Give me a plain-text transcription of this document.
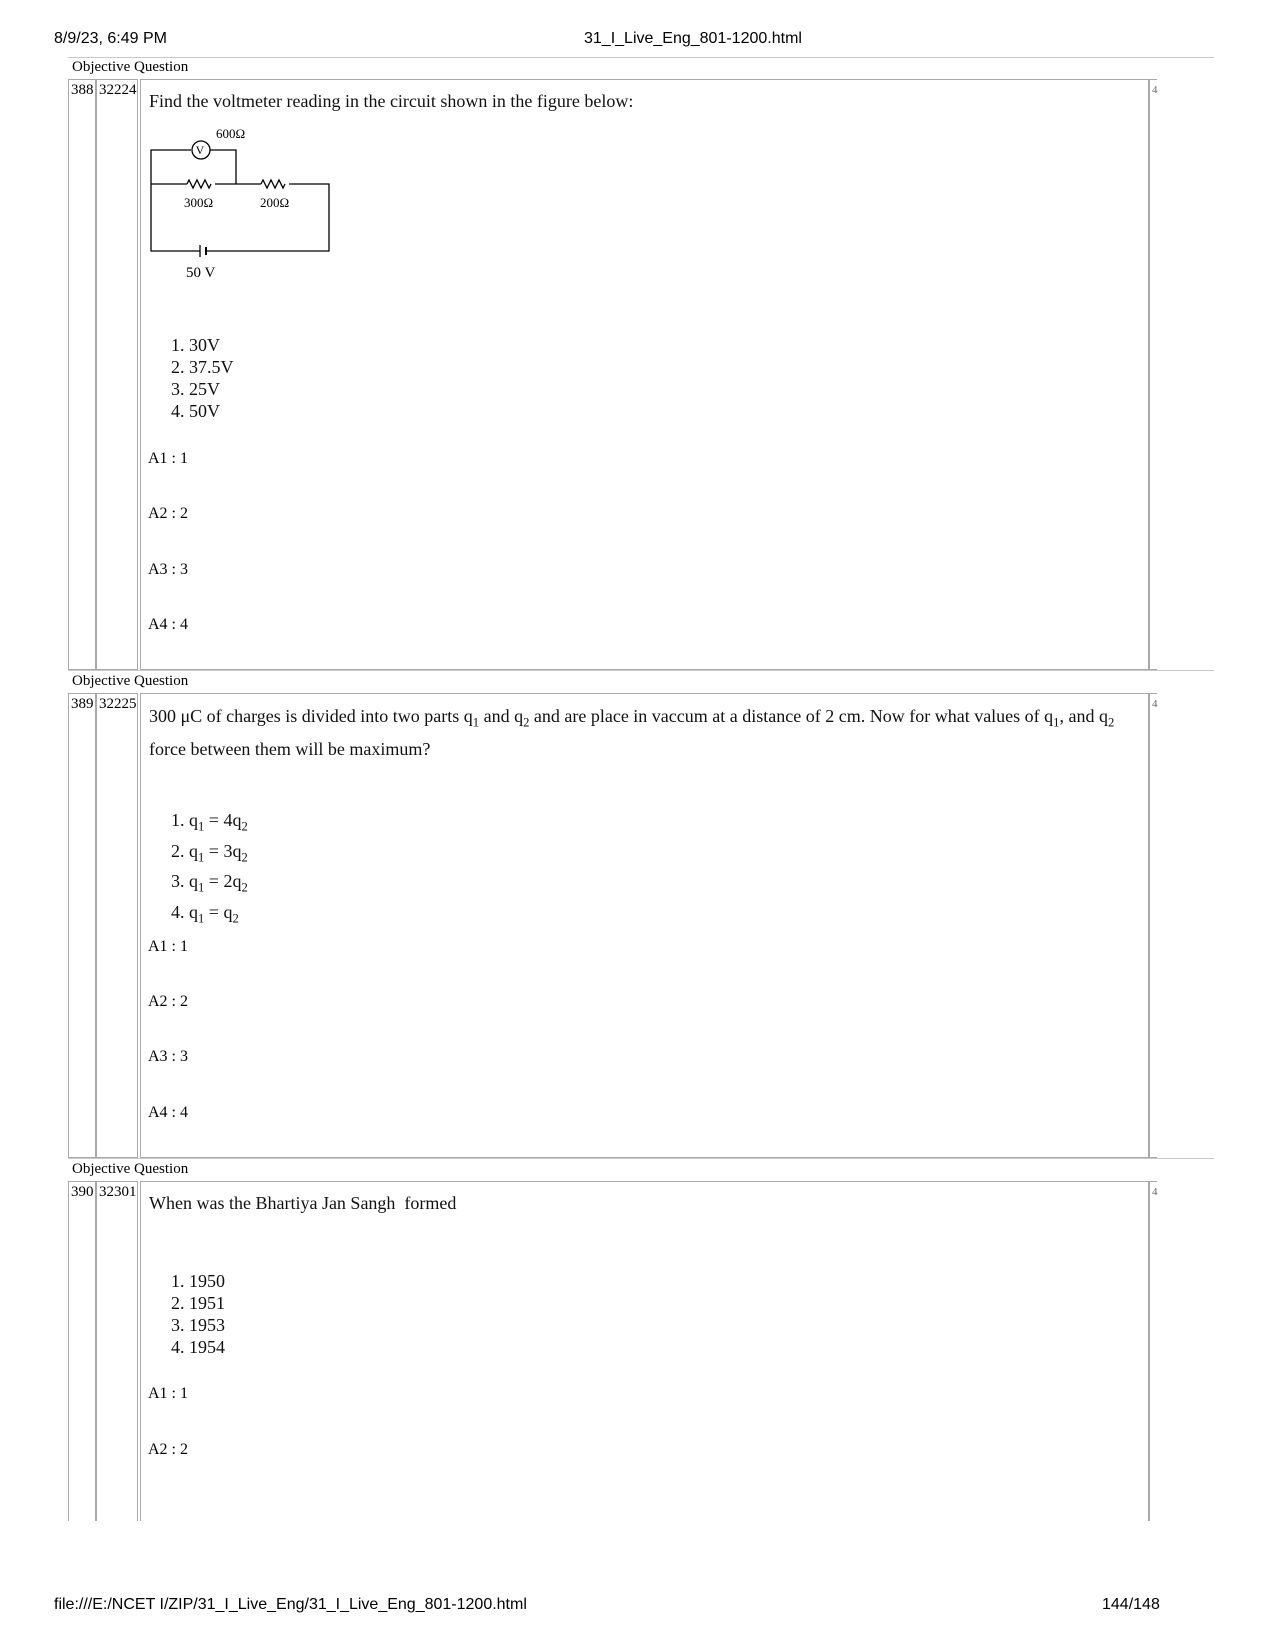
8/9/23, 6:49 PM	31_I_Live_Eng_801-1200.html
Objective Question
388 32224	4
Find the voltmeter reading in the circuit shown in the figure below:
V
600Ω
300Ω	200Ω
50 V
1. 30V
2. 37.5V
3. 25V
4. 50V
A1 : 1
A2 : 2
A3 : 3
A4 : 4
Objective Question
389 32225	4
300 μC of charges is divided into two parts $q_1$ and $q_2$ and are place in vaccum at a distance of 2 cm. Now for what values of $q_1$, and $q_2$
force between them will be maximum?
1. $q_1 = 4q_2$
2. $q_1 = 3q_2$
3. $q_1 = 2q_2$
4. $q_1 = q_2$
A1 : 1
A2 : 2
A3 : 3
A4 : 4
Objective Question
390 32301	4
When was the Bhartiya Jan Sangh  formed
1. 1950
2. 1951
3. 1953
4. 1954
A1 : 1
A2 : 2
file:///E:/NCET I/ZIP/31_I_Live_Eng/31_I_Live_Eng_801-1200.html	144/148
